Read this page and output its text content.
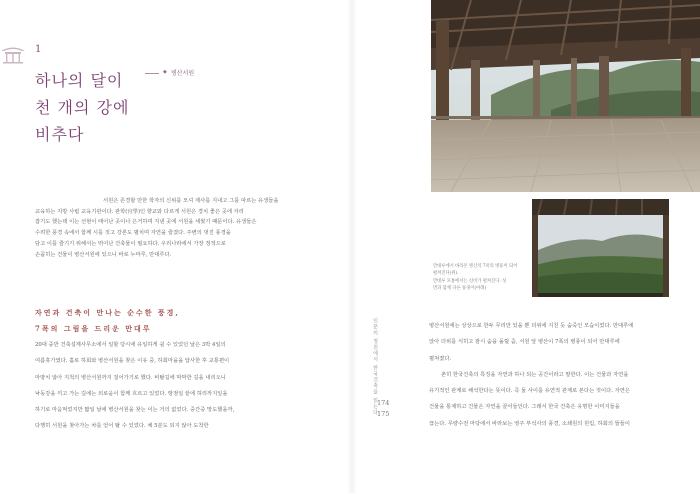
1
하나의 달이
천 개의 강에
비추다
◆ 병산서원

서원은 존경할 만한 학자의 신위를 모셔 제사를 지내고 그를 따르는 유생들을

교육하는 지방 사립 교육기관이다. 관학(官學)인 향교와 다르게 서원은 경치 좋은 곳에 자리

잡기도 했는데 이는 선현이 태어난 곳이나 은거하며 지낸 곳에 서원을 세웠기 때문이다. 유생들은

수려한 풍경 속에서 함께 시를 짓고 강론도 펼치며 자연을 즐겼다. 주변의 멋진 풍경을

담고 이를 즐기기 위해서는 뛰어난 건축물이 필요하다. 우리나라에서 가장 정적으로

손꼽히는 건물이 병산서원에 있으니 바로 누마루, 만대루다.

자연과 건축이 만나는 순수한 풍경,
7폭의 그림을 드리운 만대루

20대 중반 건축설계사무소에서 일할 당시에 유일하게 쉴 수 있었던 날은 3박 4일의

여름휴가였다. 홀로 하회와 병산서원을 찾은 이유 중, 하회마을을 답사한 후 교통편이

마땅치 않아 지척의 병산서원까지 걸어가기로 했다. 비탈길에 막막한 길을 내리오니

낙동강을 끼고 가는 길에는 외로움이 함께 흐르고 있었다. 땅점일 끝에 허리까지잎을

하기로 마음먹었지만 짧일 날에 병산서원을 찾는 이는 거의 없었다. 중간중 망도했을까,

다행히 서원을 찾아가는 차를 얻어 탈 수 있었다. 채 5분도 되지 않아 도착한

만대루에서 바라본 병산의 7폭의 병풍이 되어
펼쳐진다(위).
만대루 모퉁에서는 신비가 펼쳐진다. 성
면과 함께 다른 풍경이(아래)

병산서원에는 상상으로 한두 무리만 있을 뿐 더위에 지친 듯 숨죽인 모습이었다. 만대루에

앉아 더위를 식히고 잠시 숨을 돌릴 즘, 서원 앞 병산이 7폭의 병풍이 되어 만대루에

펼쳐졌다.

촌히 한국건축의 특징을 자연과 하나 되는 공간이라고 말한다. 이는 건물과 자연을

유기적인 관계로 해석한다는 뜻이다. 즉 둘 사이를 유연적 관계로 본다는 것이다. 자연은

건물을 통제하고 건물은 자연을 끌어들인다. 그래서 한국 건축은 유명한 이미지들을

끊는다. 무량수전 마당에서 바라보는 영주 부석사의 풍경, 소쇄원의 원림, 하회의 뜰들이

인문의 정원에서 한국건축을 읽는다 174
175
